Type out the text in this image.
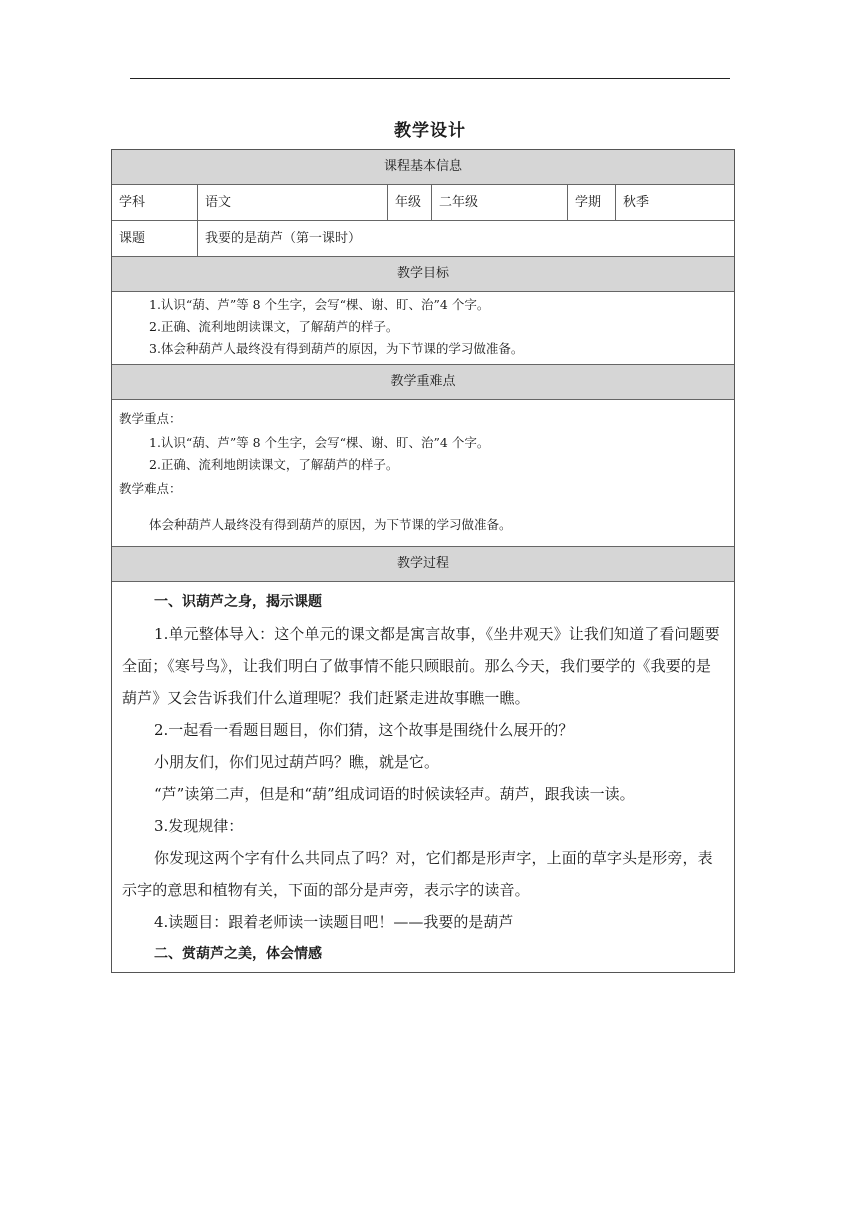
教学设计
课程基本信息
学科	语文	年级	二年级	学期	秋季
课题	我要的是葫芦（第一课时）
教学目标

1.认识“葫、芦”等 8 个生字，会写“棵、谢、盯、治”4 个字。

2.正确、流利地朗读课文，了解葫芦的样子。

3.体会种葫芦人最终没有得到葫芦的原因，为下节课的学习做准备。

教学重难点

教学重点：

1.认识“葫、芦”等 8 个生字，会写“棵、谢、盯、治”4 个字。

2.正确、流利地朗读课文，了解葫芦的样子。

教学难点：

体会种葫芦人最终没有得到葫芦的原因，为下节课的学习做准备。

教学过程

一、识葫芦之身，揭示课题

1.单元整体导入：这个单元的课文都是寓言故事，《坐井观天》让我们知道了看问题要全面；《寒号鸟》，让我们明白了做事情不能只顾眼前。那么今天，我们要学的《我要的是葫芦》又会告诉我们什么道理呢？我们赶紧走进故事瞧一瞧。

2.一起看一看题目题目，你们猜，这个故事是围绕什么展开的？

小朋友们，你们见过葫芦吗？瞧，就是它。

“芦”读第二声，但是和“葫”组成词语的时候读轻声。葫芦，跟我读一读。

3.发现规律：

你发现这两个字有什么共同点了吗？对，它们都是形声字，上面的草字头是形旁，表示字的意思和植物有关，下面的部分是声旁，表示字的读音。

4.读题目：跟着老师读一读题目吧！——我要的是葫芦

二、赏葫芦之美，体会情感
